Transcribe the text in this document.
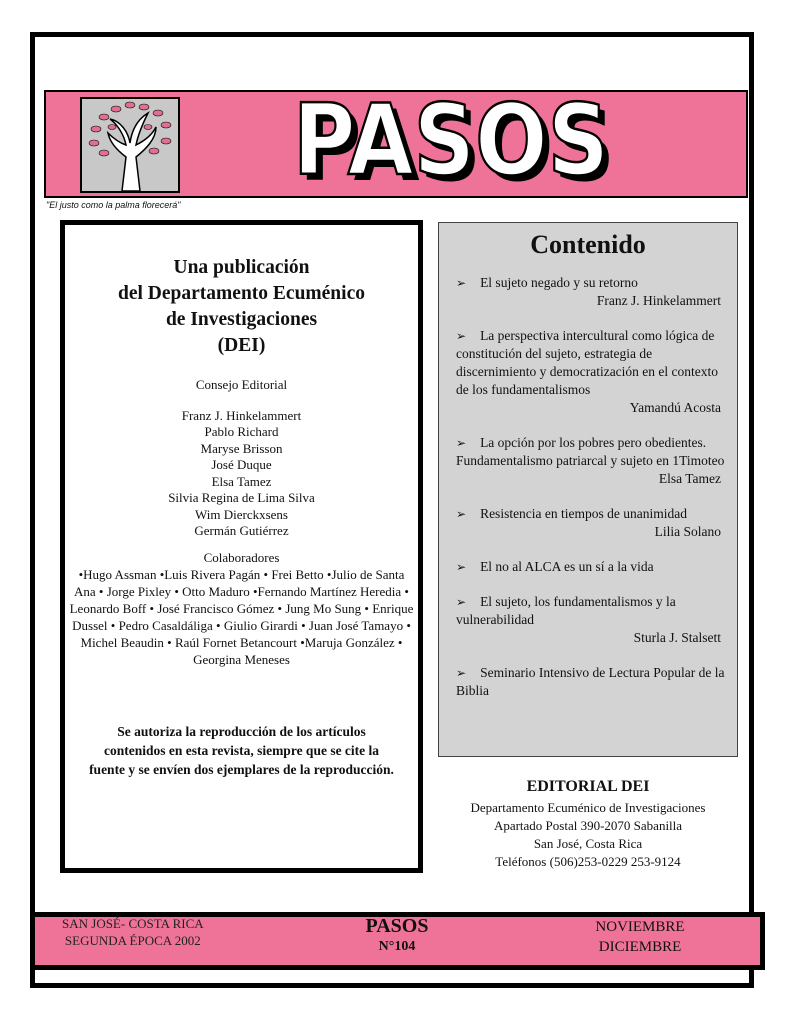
PASOS
PASOS
"El justo como la palma florecerá"
Una publicación
del Departamento Ecuménico
de Investigaciones
(DEI)
Consejo Editorial
Franz J. Hinkelammert
Pablo Richard
Maryse Brisson
José Duque
Elsa Tamez
Silvia Regina de Lima Silva
Wim Dierckxsens
Germán Gutiérrez
Colaboradores
•Hugo Assman •Luis Rivera Pagán • Frei Betto •Julio de Santa Ana • Jorge Pixley • Otto Maduro •Fernando Martínez Heredia • Leonardo Boff • José Francisco Gómez • Jung Mo Sung • Enrique Dussel • Pedro Casaldáliga • Giulio Girardi • Juan José Tamayo • Michel Beaudin • Raúl Fornet Betancourt •Maruja González • Georgina Meneses
Se autoriza la reproducción de los artículos contenidos en esta revista, siempre que se cite la fuente y se envíen dos ejemplares de la reproducción.
Contenido
➢ El sujeto negado y su retorno
Franz J. Hinkelammert
➢ La perspectiva intercultural como lógica de constitución del sujeto, estrategia de discernimiento y democratización en el contexto de los fundamentalismos
Yamandú Acosta
➢ La opción por los pobres pero obedientes. Fundamentalismo patriarcal y sujeto en 1Timoteo
Elsa Tamez
➢ Resistencia en tiempos de unanimidad
Lilia Solano
➢ El no al ALCA es un sí a la vida
➢ El sujeto, los fundamentalismos y la vulnerabilidad
Sturla J. Stalsett
➢ Seminario Intensivo de Lectura Popular de la Biblia
EDITORIAL DEI
Departamento Ecuménico de Investigaciones
Apartado Postal 390-2070 Sabanilla
San José, Costa Rica
Teléfonos (506)253-0229 253-9124
SAN JOSÉ- COSTA RICA
SEGUNDA ÉPOCA 2002
PASOS
N°104
NOVIEMBRE
DICIEMBRE
